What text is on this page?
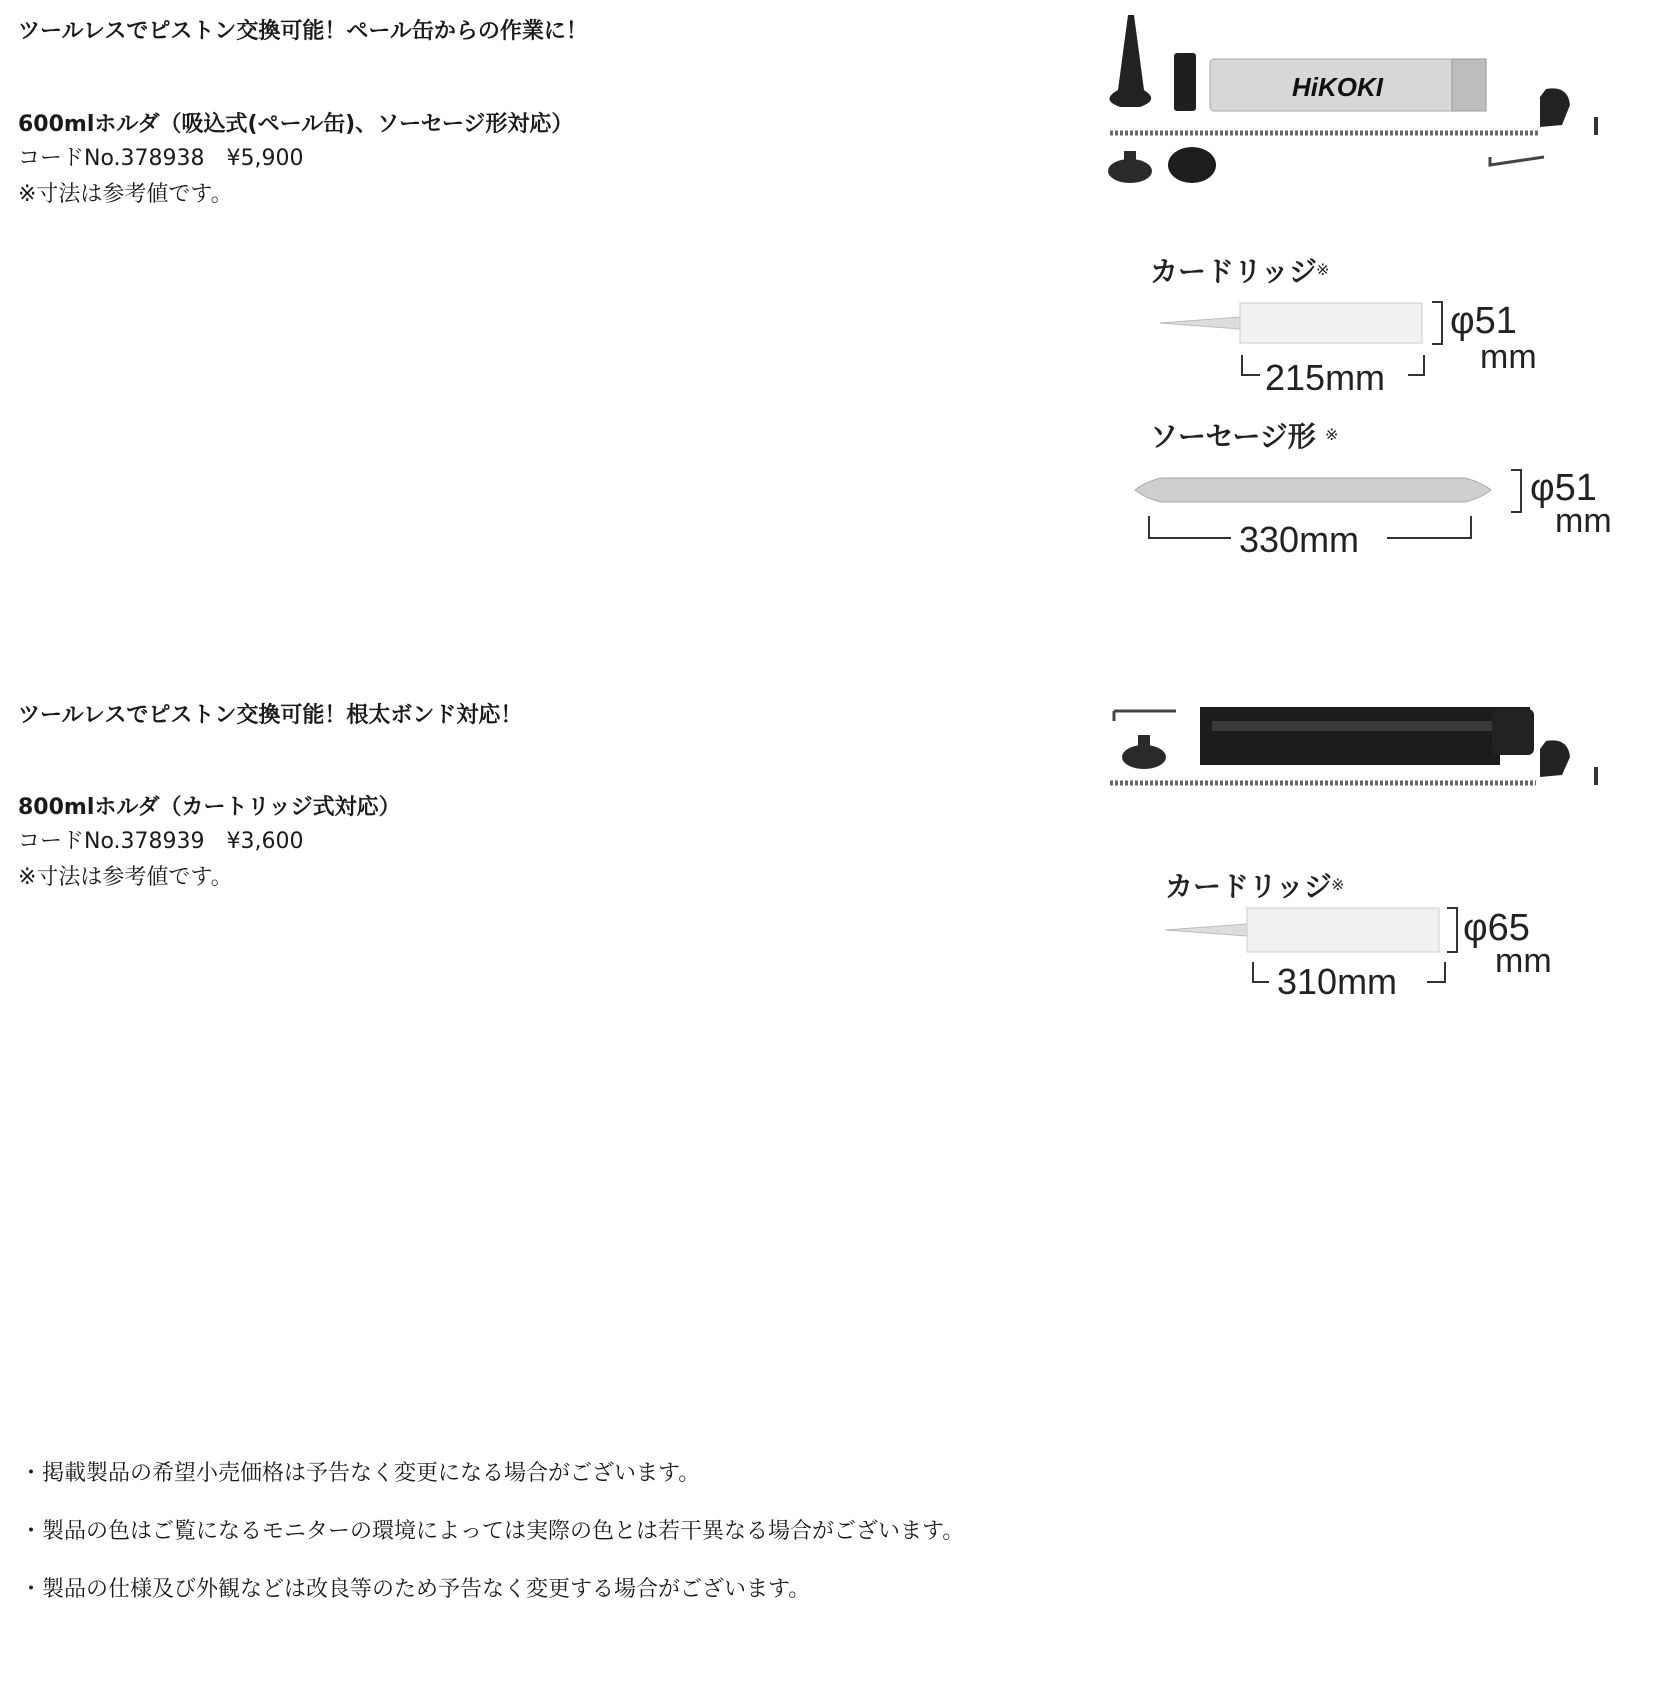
ツールレスでピストン交換可能！ペール缶からの作業に！

600mlホルダ（吸込式(ペール缶)、ソーセージ形対応）

コードNo.378938　¥5,900

※寸法は参考値です。

HiKOKI
カードリッジ ※
φ51
mm
215mm
ソーセージ形 ※
φ51
mm
330mm

ツールレスでピストン交換可能！根太ボンド対応！

800mlホルダ（カートリッジ式対応）

コードNo.378939　¥3,600

※寸法は参考値です。	カードリッジ ※
φ65
mm
310mm

・掲載製品の希望小売価格は予告なく変更になる場合がございます。

・製品の色はご覧になるモニターの環境によっては実際の色とは若干異なる場合がございます。

・製品の仕様及び外観などは改良等のため予告なく変更する場合がございます。
